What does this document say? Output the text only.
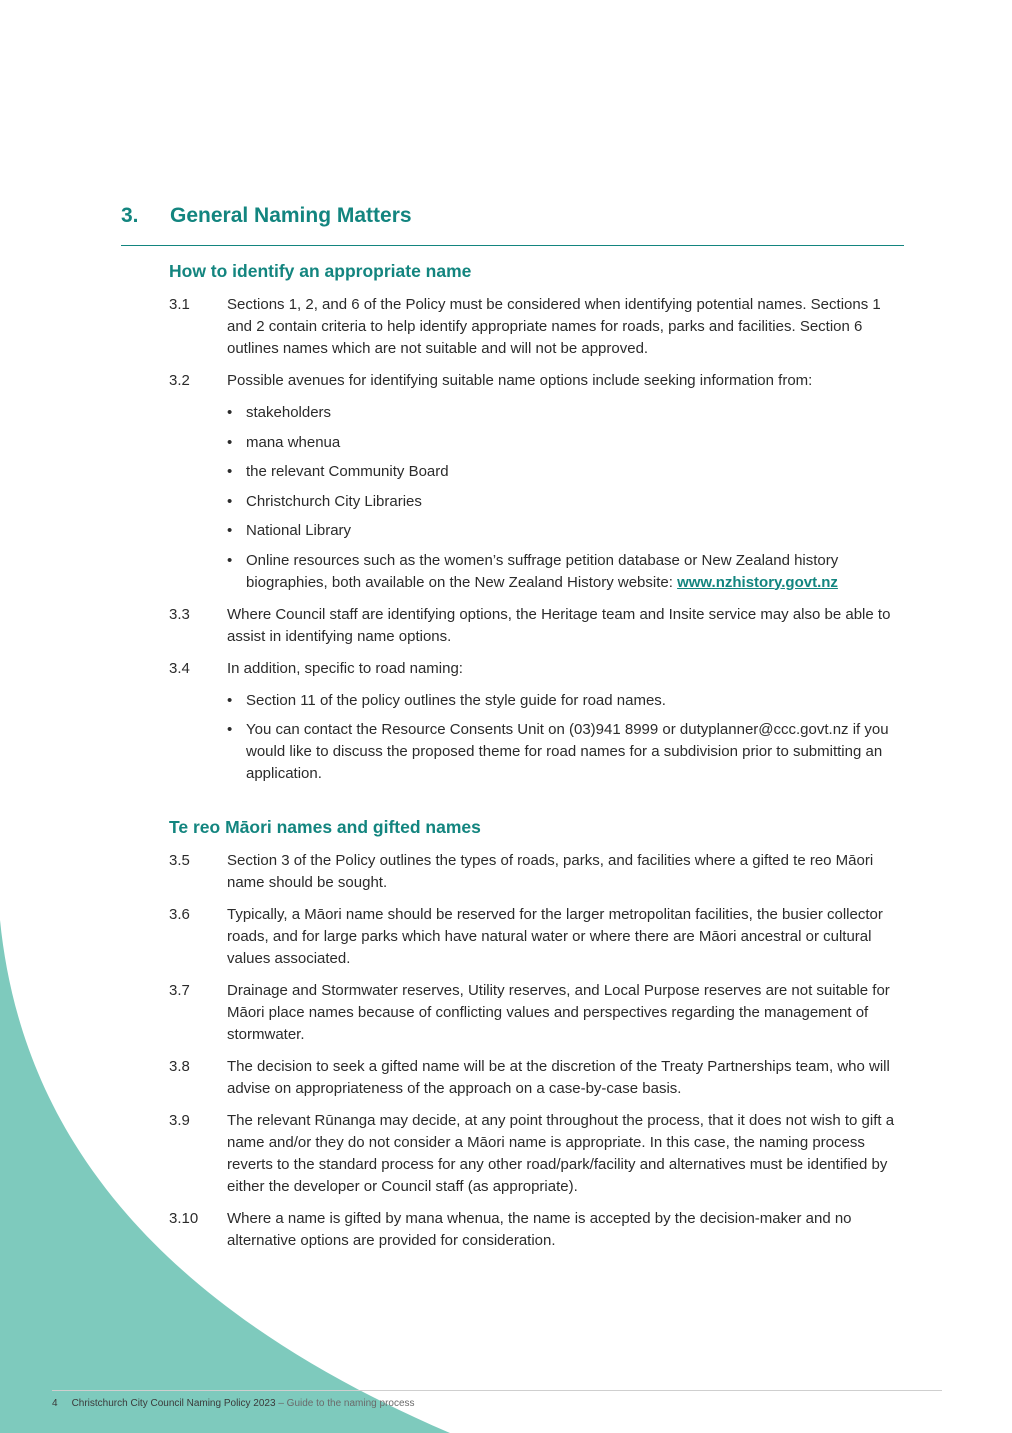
3.	General Naming Matters
How to identify an appropriate name
3.1	Sections 1, 2, and 6 of the Policy must be considered when identifying potential names. Sections 1 and 2 contain criteria to help identify appropriate names for roads, parks and facilities. Section 6 outlines names which are not suitable and will not be approved.
3.2	Possible avenues for identifying suitable name options include seeking information from:
• stakeholders
• mana whenua
• the relevant Community Board
• Christchurch City Libraries
• National Library
• Online resources such as the women’s suffrage petition database or New Zealand history biographies, both available on the New Zealand History website: www.nzhistory.govt.nz
3.3	Where Council staff are identifying options, the Heritage team and Insite service may also be able to assist in identifying name options.
3.4	In addition, specific to road naming:
• Section 11 of the policy outlines the style guide for road names.
• You can contact the Resource Consents Unit on (03)941 8999 or dutyplanner@ccc.govt.nz if you would like to discuss the proposed theme for road names for a subdivision prior to submitting an application.
Te reo Māori names and gifted names
3.5	Section 3 of the Policy outlines the types of roads, parks, and facilities where a gifted te reo Māori name should be sought.
3.6	Typically, a Māori name should be reserved for the larger metropolitan facilities, the busier collector roads, and for large parks which have natural water or where there are Māori ancestral or cultural values associated.
3.7	Drainage and Stormwater reserves, Utility reserves, and Local Purpose reserves are not suitable for Māori place names because of conflicting values and perspectives regarding the management of stormwater.
3.8	The decision to seek a gifted name will be at the discretion of the Treaty Partnerships team, who will advise on appropriateness of the approach on a case-by-case basis.
3.9	The relevant Rūnanga may decide, at any point throughout the process, that it does not wish to gift a name and/or they do not consider a Māori name is appropriate. In this case, the naming process reverts to the standard process for any other road/park/facility and alternatives must be identified by either the developer or Council staff (as appropriate).
3.10	Where a name is gifted by mana whenua, the name is accepted by the decision-maker and no alternative options are provided for consideration.
4 Christchurch City Council Naming Policy 2023 – Guide to the naming process
